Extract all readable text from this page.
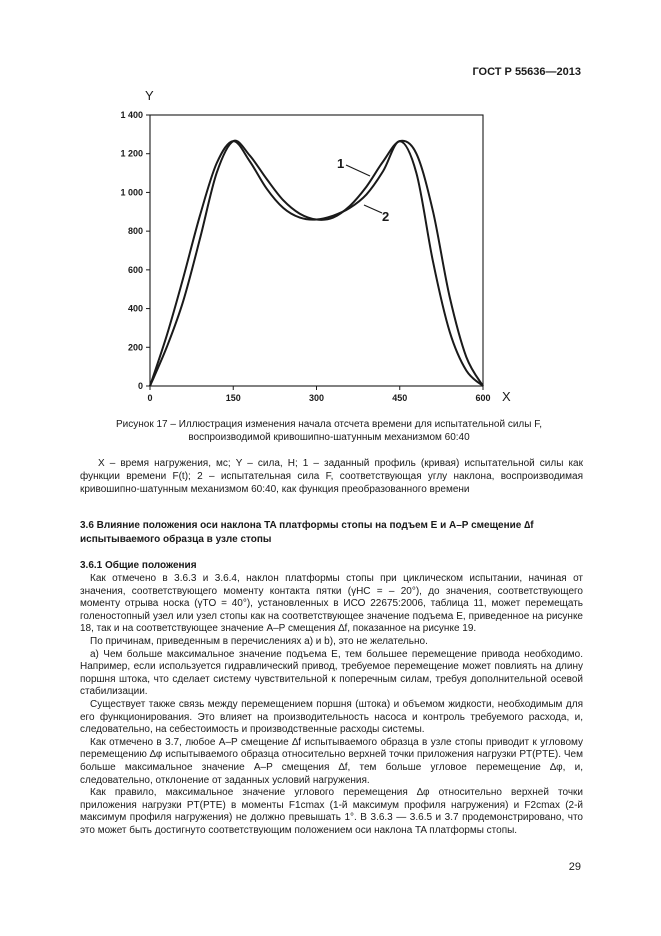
ГОСТ Р 55636—2013
0
200
400
600
800
1 000
1 200
1 400
0	150	300	450	600
Y
X
1
2
Рисунок 17 – Иллюстрация изменения начала отсчета времени для испытательной силы F, воспроизводимой кривошипно-шатунным механизмом 60:40

X – время нагружения, мс; Y – сила, Н; 1 – заданный профиль (кривая) испытательной силы как функции времени F(t); 2 – испытательная сила F, соответствующая углу наклона, воспроизводимая кривошипно-шатунным механизмом 60:40, как функция преобразованного времени

3.6 Влияние положения оси наклона TA платформы стопы на подъем E и A–P смещение ∆f испытываемого образца в узле стопы
3.6.1 Общие положения

Как отмечено в 3.6.3 и 3.6.4, наклон платформы стопы при циклическом испытании, начиная от значения, соответствующего моменту контакта пятки (γHC = – 20°), до значения, соответствующего моменту отрыва носка (γTO = 40°), установленных в ИСО 22675:2006, таблица 11, может перемещать голеностопный узел или узел стопы как на соответствующее значение подъема E, приведенное на рисунке 18, так и на соответствующее значение A–P смещения ∆f, показанное на рисунке 19.

По причинам, приведенным в перечислениях а) и b), это не желательно.

а) Чем больше максимальное значение подъема E, тем большее перемещение привода необходимо. Например, если используется гидравлический привод, требуемое перемещение может повлиять на длину поршня штока, что сделает систему чувствительной к поперечным силам, требуя дополнительной осевой стабилизации.

Существует также связь между перемещением поршня (штока) и объемом жидкости, необходимым для его функционирования. Это влияет на производительность насоса и контроль требуемого расхода, и, следовательно, на себестоимость и производственные расходы системы.

Как отмечено в 3.7, любое A–P смещение ∆f испытываемого образца в узле стопы приводит к угловому перемещению ∆φ испытываемого образца относительно верхней точки приложения нагрузки PT(PTE). Чем больше максимальное значение A–P смещения ∆f, тем больше угловое перемещение ∆φ, и, следовательно, отклонение от заданных условий нагружения.

Как правило, максимальное значение углового перемещения ∆φ относительно верхней точки приложения нагрузки PT(PTE) в моменты F1cmax (1-й максимум профиля нагружения) и F2cmax (2-й максимум профиля нагружения) не должно превышать 1°. В 3.6.3 — 3.6.5 и 3.7 продемонстрировано, что это может быть достигнуто соответствующим положением оси наклона TA платформы стопы.

29
